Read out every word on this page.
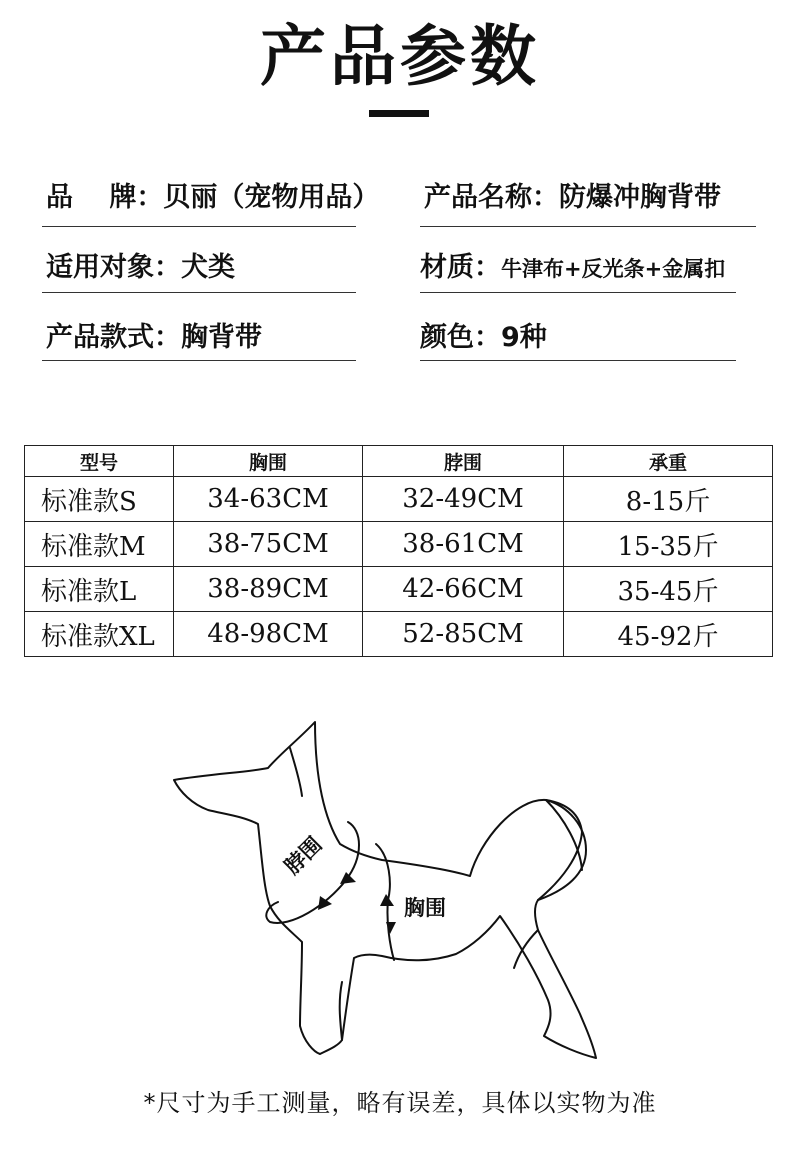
产品参数
品　 牌：贝丽（宠物用品） 产品名称：防爆冲胸背带
适用对象：犬类	材质：牛津布+反光条+金属扣
产品款式：胸背带	颜色：9种
型号	胸围	脖围	承重
标准款S	34-63CM	32-49CM	8-15斤
标准款M	38-75CM	38-61CM	15-35斤
标准款L	38-89CM	42-66CM	35-45斤
标准款XL	48-98CM	52-85CM	45-92斤
脖围
胸围
*尺寸为手工测量，略有误差，具体以实物为准
